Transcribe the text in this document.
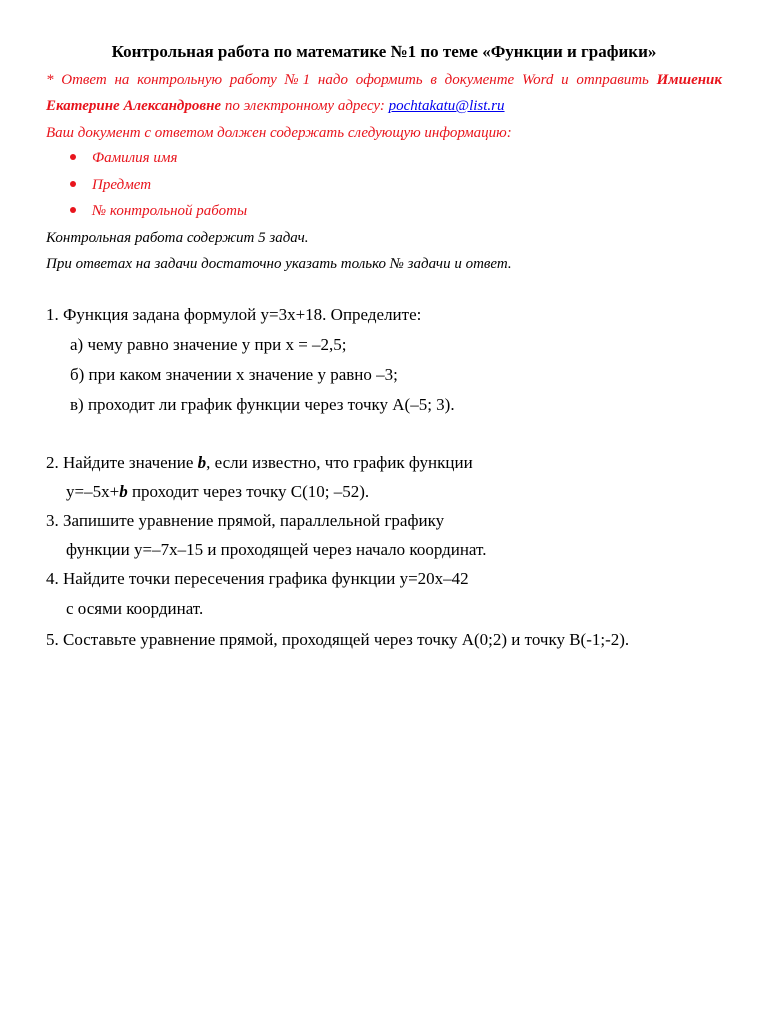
Контрольная работа по математике №1 по теме «Функции и графики»
* Ответ на контрольную работу №1 надо оформить в документе Word и отправить Имшеник
Екатерине Александровне по электронному адресу: pochtakatu@list.ru
Ваш документ с ответом должен содержать следующую информацию:
Фамилия имя
Предмет
№ контрольной работы
Контрольная работа содержит 5 задач.
При ответах на задачи достаточно указать только № задачи и ответ.
1. Функция задана формулой у=3х+18. Определите:
а) чему равно значение у при х = –2,5;
б) при каком значении х значение у равно –3;
в) проходит ли график функции через точку А(–5; 3).
2. Найдите значение b, если известно, что график функции
у=–5х+b проходит через точку С(10; –52).
3. Запишите уравнение прямой, параллельной графику
функции у=–7х–15 и проходящей через начало координат.
4. Найдите точки пересечения графика функции у=20х–42
с осями координат.
5. Составьте уравнение прямой, проходящей через точку А(0;2) и точку В(-1;-2).
